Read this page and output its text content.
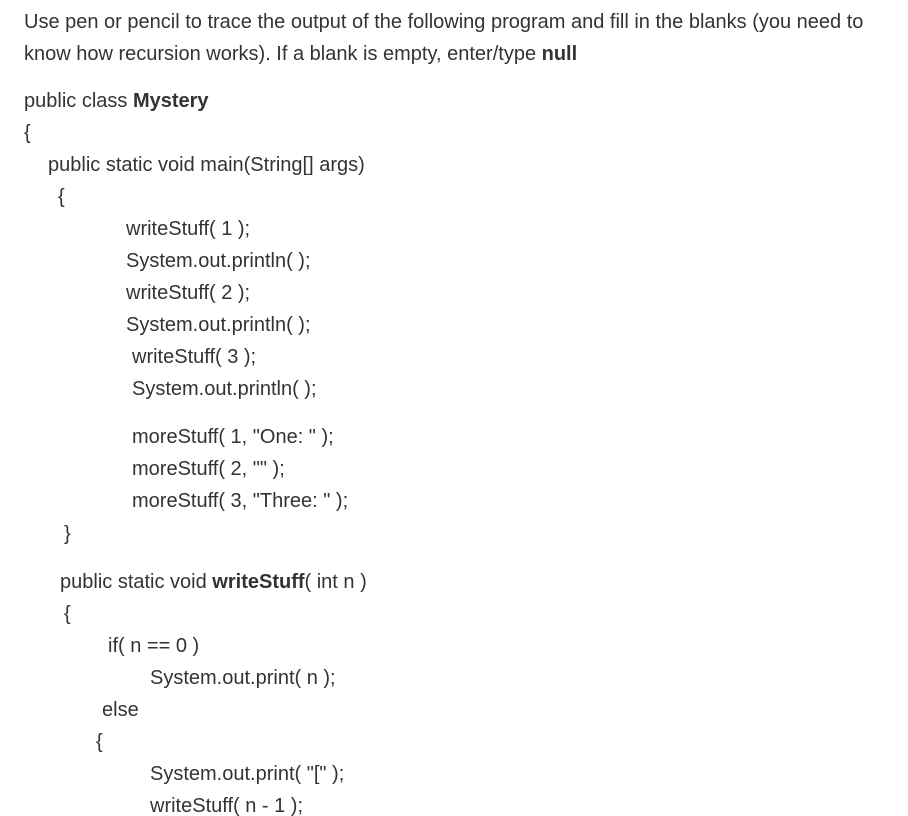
Use pen or pencil to trace the output of the following program and fill in the blanks (you need to know how recursion works). If a blank is empty, enter/type null

public class Mystery
{
public static void main(String[] args)
{
writeStuff( 1 );
System.out.println( );
writeStuff( 2 );
System.out.println( );
writeStuff( 3 );
System.out.println( );
moreStuff( 1, "One: " );
moreStuff( 2, "" );
moreStuff( 3, "Three: " );
}
public static void writeStuff( int n )
{
if( n == 0 )
System.out.print( n );
else
{
System.out.print( "[" );
writeStuff( n - 1 );
